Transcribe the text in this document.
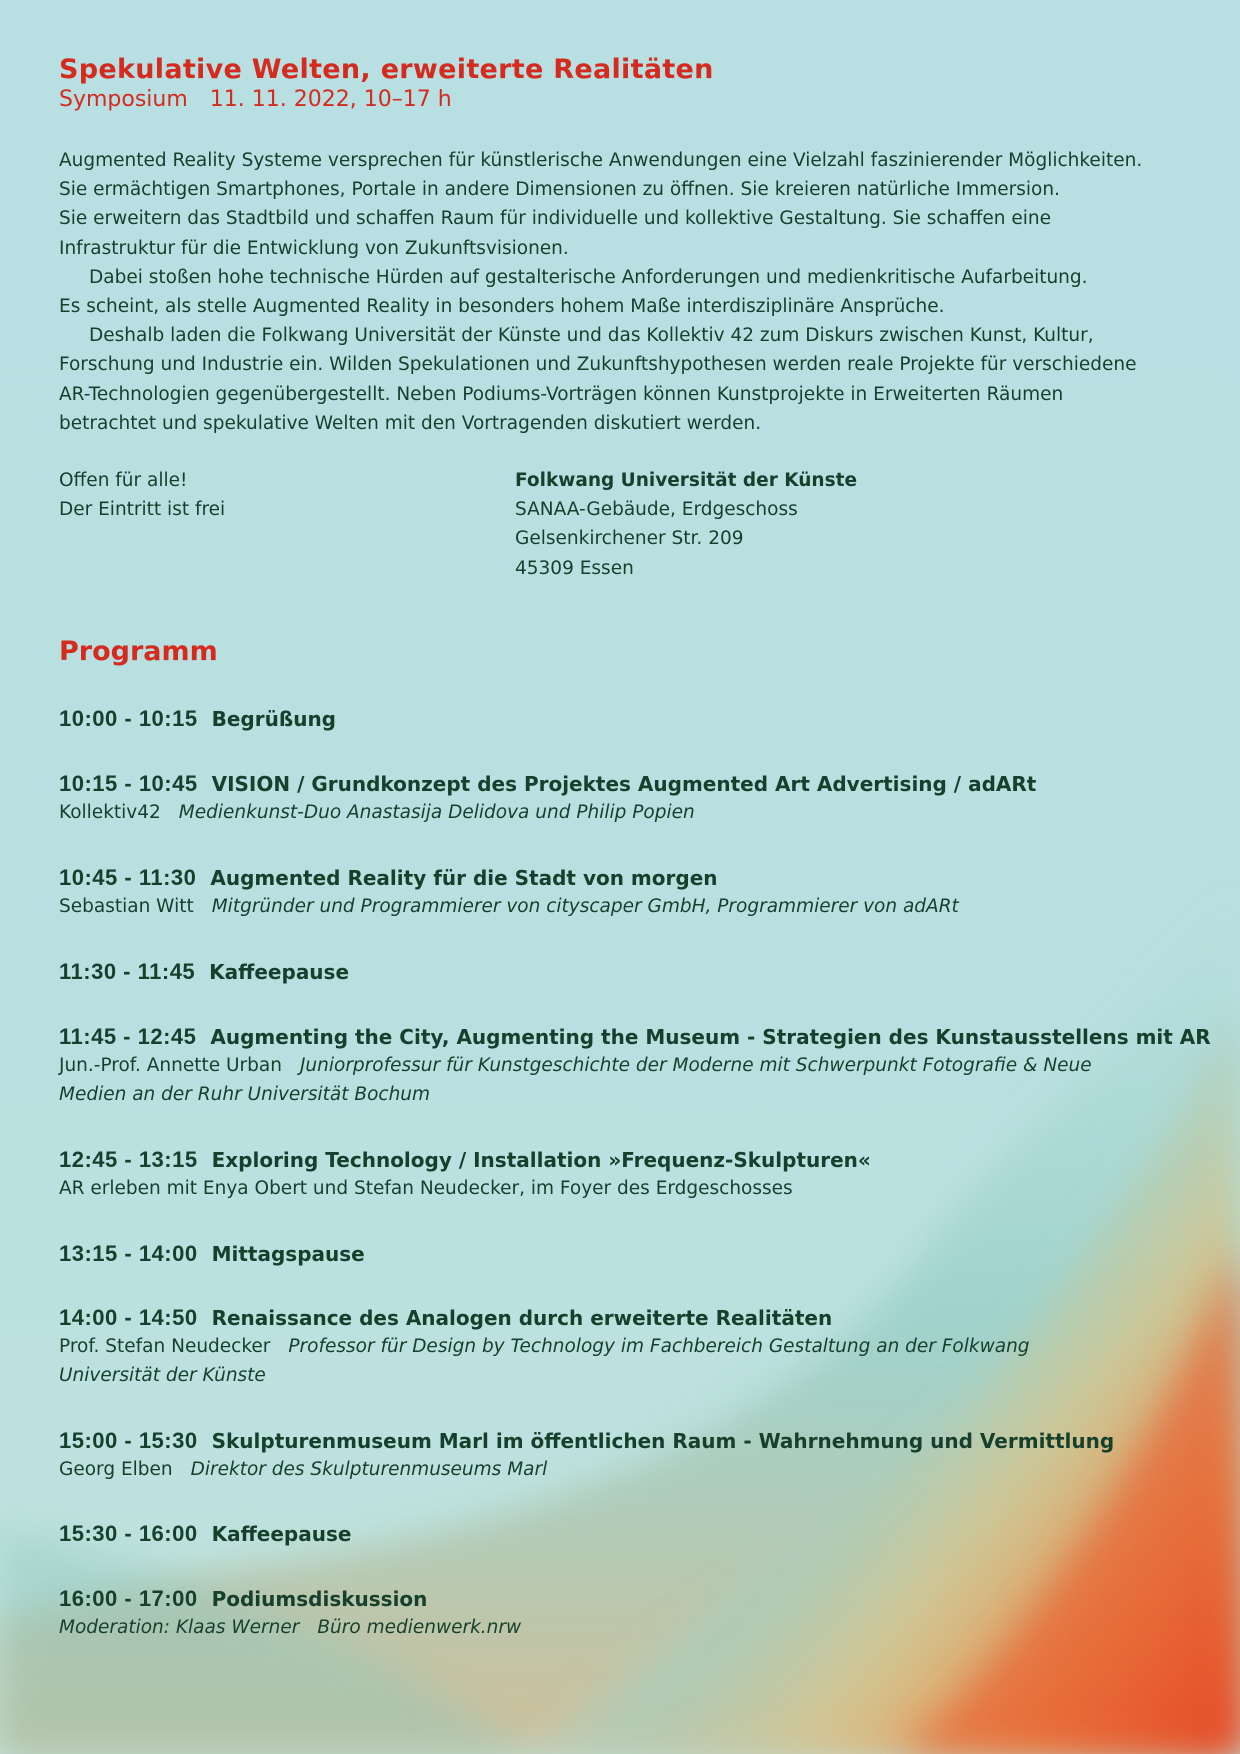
Spekulative Welten, erweiterte Realitäten
Symposium 11. 11. 2022, 10–17 h

Augmented Reality Systeme versprechen für künstlerische Anwendungen eine Vielzahl faszinierender Möglichkeiten.
Sie ermächtigen Smartphones, Portale in andere Dimensionen zu öffnen. Sie kreieren natürliche Immersion.
Sie erweitern das Stadtbild und schaffen Raum für individuelle und kollektive Gestaltung. Sie schaffen eine
Infrastruktur für die Entwicklung von Zukunftsvisionen.

Dabei stoßen hohe technische Hürden auf gestalterische Anforderungen und medienkritische Aufarbeitung.
Es scheint, als stelle Augmented Reality in besonders hohem Maße interdisziplinäre Ansprüche.

Deshalb laden die Folkwang Universität der Künste und das Kollektiv 42 zum Diskurs zwischen Kunst, Kultur,
Forschung und Industrie ein. Wilden Spekulationen und Zukunftshypothesen werden reale Projekte für verschiedene
AR-Technologien gegenübergestellt. Neben Podiums-Vorträgen können Kunstprojekte in Erweiterten Räumen
betrachtet und spekulative Welten mit den Vortragenden diskutiert werden.

Offen für alle!
Der Eintritt ist frei
Folkwang Universität der Künste
SANAA-Gebäude, Erdgeschoss
Gelsenkirchener Str. 209
45309 Essen
Programm
10:00 - 10:15 Begrüßung
10:15 - 10:45 VISION / Grundkonzept des Projektes Augmented Art Advertising / adARt
Kollektiv42 Medienkunst-Duo Anastasija Delidova und Philip Popien
10:45 - 11:30 Augmented Reality für die Stadt von morgen
Sebastian Witt Mitgründer und Programmierer von cityscaper GmbH, Programmierer von adARt
11:30 - 11:45 Kaffeepause
11:45 - 12:45 Augmenting the City, Augmenting the Museum - Strategien des Kunstausstellens mit AR
Jun.-Prof. Annette Urban Juniorprofessur für Kunstgeschichte der Moderne mit Schwerpunkt Fotografie & Neue
Medien an der Ruhr Universität Bochum
12:45 - 13:15 Exploring Technology / Installation »Frequenz-Skulpturen«
AR erleben mit Enya Obert und Stefan Neudecker, im Foyer des Erdgeschosses
13:15 - 14:00 Mittagspause
14:00 - 14:50 Renaissance des Analogen durch erweiterte Realitäten
Prof. Stefan Neudecker Professor für Design by Technology im Fachbereich Gestaltung an der Folkwang
Universität der Künste
15:00 - 15:30 Skulpturenmuseum Marl im öffentlichen Raum - Wahrnehmung und Vermittlung
Georg Elben Direktor des Skulpturenmuseums Marl
15:30 - 16:00 Kaffeepause
16:00 - 17:00 Podiumsdiskussion
Moderation: Klaas Werner Büro medienwerk.nrw
